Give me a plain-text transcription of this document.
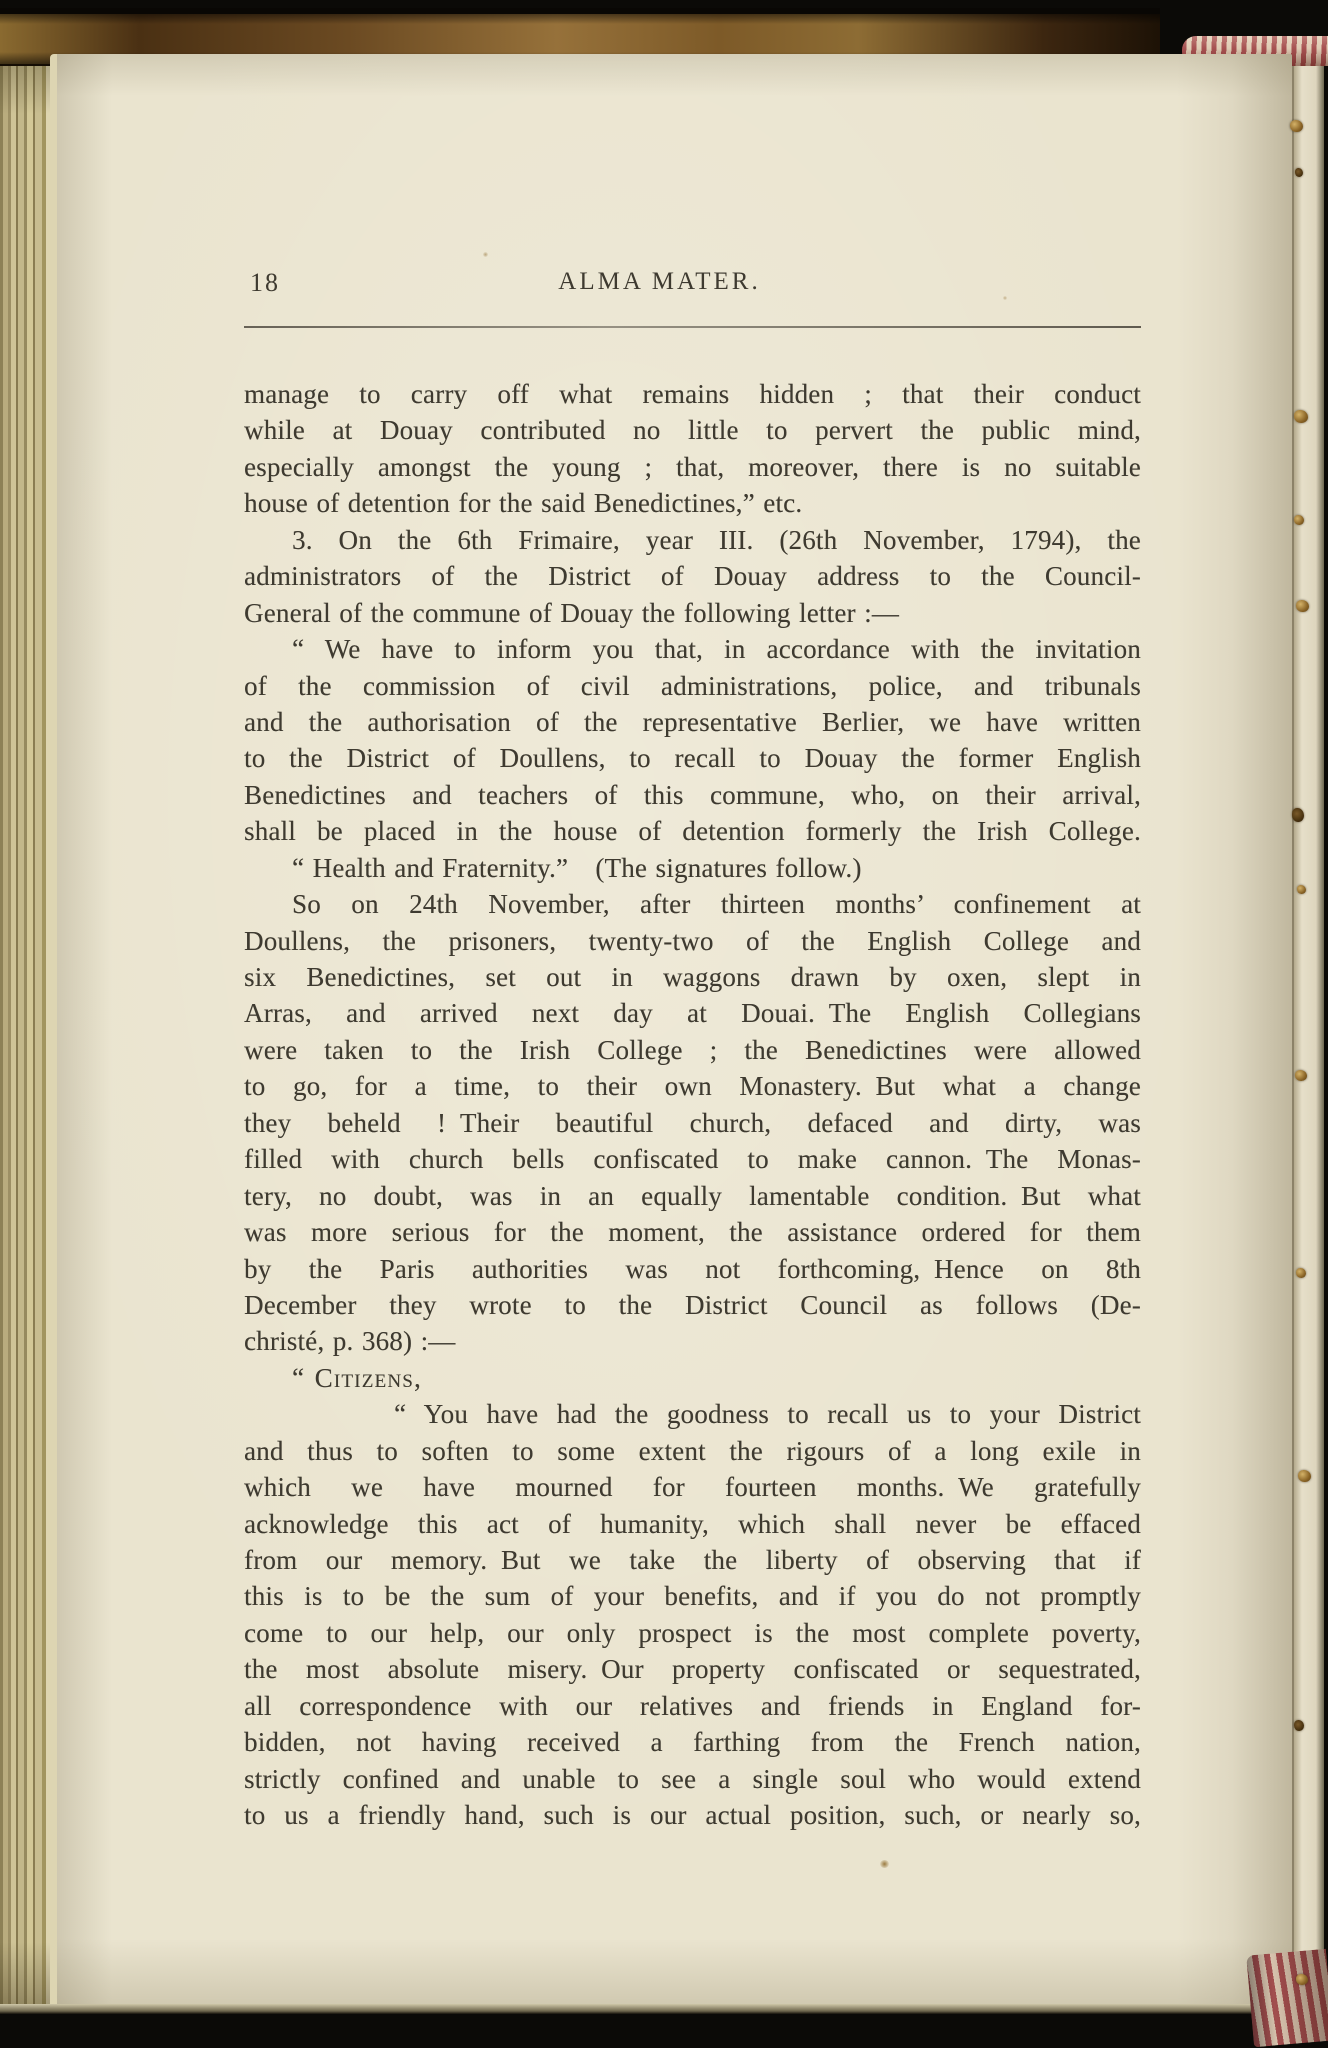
18	ALMA MATER.
manage to carry off what remains hidden ; that their conduct
while at Douay contributed no little to pervert the public mind,
especially amongst the young ; that, moreover, there is no suitable
house of detention for the said Benedictines,” etc.
3. On the 6th Frimaire, year III. (26th November, 1794), the
administrators of the District of Douay address to the Council-
General of the commune of Douay the following letter :—
“ We have to inform you that, in accordance with the invitation
of the commission of civil administrations, police, and tribunals
and the authorisation of the representative Berlier, we have written
to the District of Doullens, to recall to Douay the former English
Benedictines and teachers of this commune, who, on their arrival,
shall be placed in the house of detention formerly the Irish College.
“ Health and Fraternity.” (The signatures follow.)
So on 24th November, after thirteen months’ confinement at
Doullens, the prisoners, twenty-two of the English College and
six Benedictines, set out in waggons drawn by oxen, slept in
Arras, and arrived next day at Douai. The English Collegians
were taken to the Irish College ; the Benedictines were allowed
to go, for a time, to their own Monastery. But what a change
they beheld ! Their beautiful church, defaced and dirty, was
filled with church bells confiscated to make cannon. The Monas-
tery, no doubt, was in an equally lamentable condition. But what
was more serious for the moment, the assistance ordered for them
by the Paris authorities was not forthcoming, Hence on 8th
December they wrote to the District Council as follows (De-
christé, p. 368) :—
“ Citizens,
“ You have had the goodness to recall us to your District
and thus to soften to some extent the rigours of a long exile in
which we have mourned for fourteen months. We gratefully
acknowledge this act of humanity, which shall never be effaced
from our memory. But we take the liberty of observing that if
this is to be the sum of your benefits, and if you do not promptly
come to our help, our only prospect is the most complete poverty,
the most absolute misery. Our property confiscated or sequestrated,
all correspondence with our relatives and friends in England for-
bidden, not having received a farthing from the French nation,
strictly confined and unable to see a single soul who would extend
to us a friendly hand, such is our actual position, such, or nearly so,
